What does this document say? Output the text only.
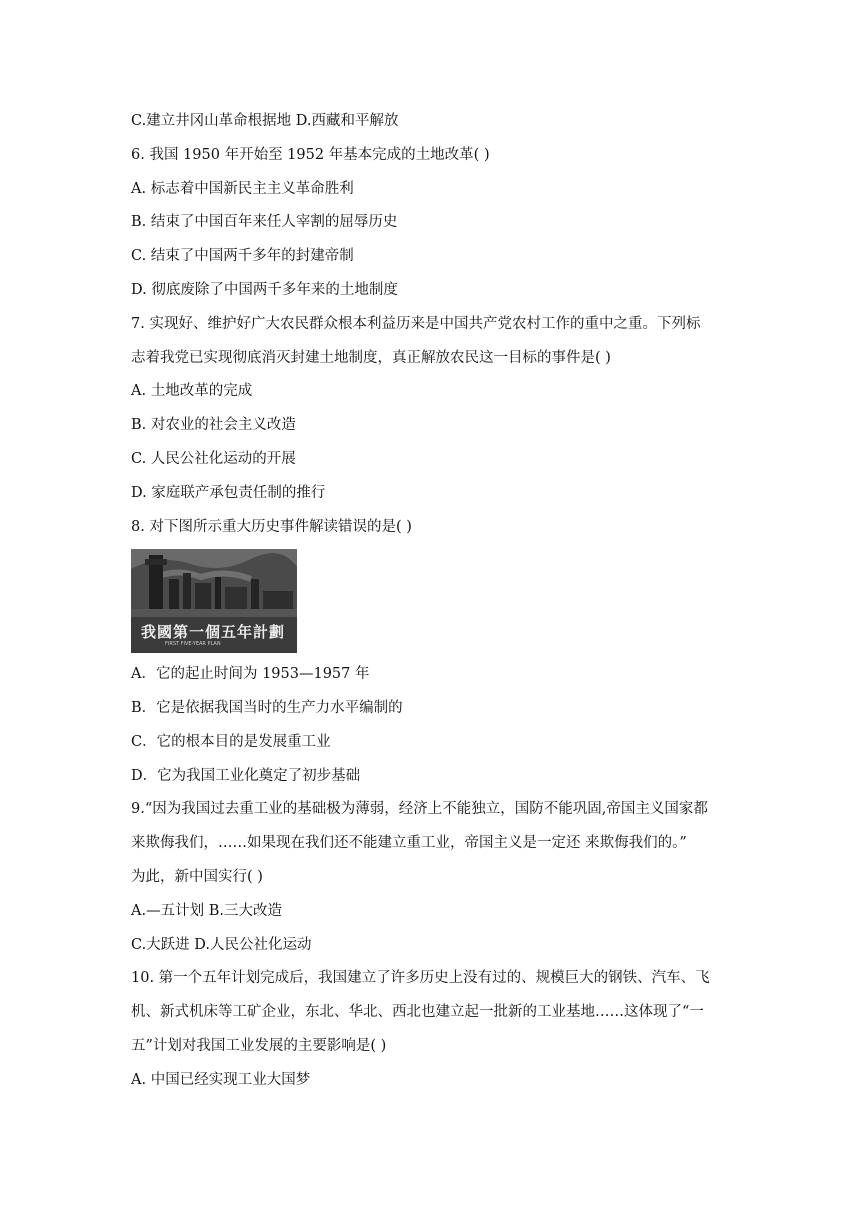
C.建立井冈山革命根据地 D.西藏和平解放
6. 我国 1950 年开始至 1952 年基本完成的土地改革( )
A. 标志着中国新民主主义革命胜利
B. 结束了中国百年来任人宰割的屈辱历史
C. 结束了中国两千多年的封建帝制
D. 彻底废除了中国两千多年来的土地制度
7. 实现好、维护好广大农民群众根本利益历来是中国共产党农村工作的重中之重。下列标
志着我党已实现彻底消灭封建土地制度，真正解放农民这一目标的事件是( )
A. 土地改革的完成
B. 对农业的社会主义改造
C. 人民公社化运动的开展
D. 家庭联产承包责任制的推行
8. 对下图所示重大历史事件解读错误的是( )
我國第一個五年計劃
FIRST FIVE-YEAR PLAN
A．它的起止时间为 1953—1957 年
B．它是依据我国当时的生产力水平编制的
C．它的根本目的是发展重工业
D．它为我国工业化奠定了初步基础
9.“因为我国过去重工业的基础极为薄弱，经济上不能独立，国防不能巩固,帝国主义国家都
来欺侮我们，……如果现在我们还不能建立重工业，帝国主义是一定还 来欺侮我们的。”
为此，新中国实行( )
A.—五计划 B.三大改造
C.大跃进 D.人民公社化运动
10. 第一个五年计划完成后，我国建立了许多历史上没有过的、规模巨大的钢铁、汽车、飞
机、新式机床等工矿企业，东北、华北、西北也建立起一批新的工业基地……这体现了“一
五”计划对我国工业发展的主要影响是( )
A. 中国已经实现工业大国梦
